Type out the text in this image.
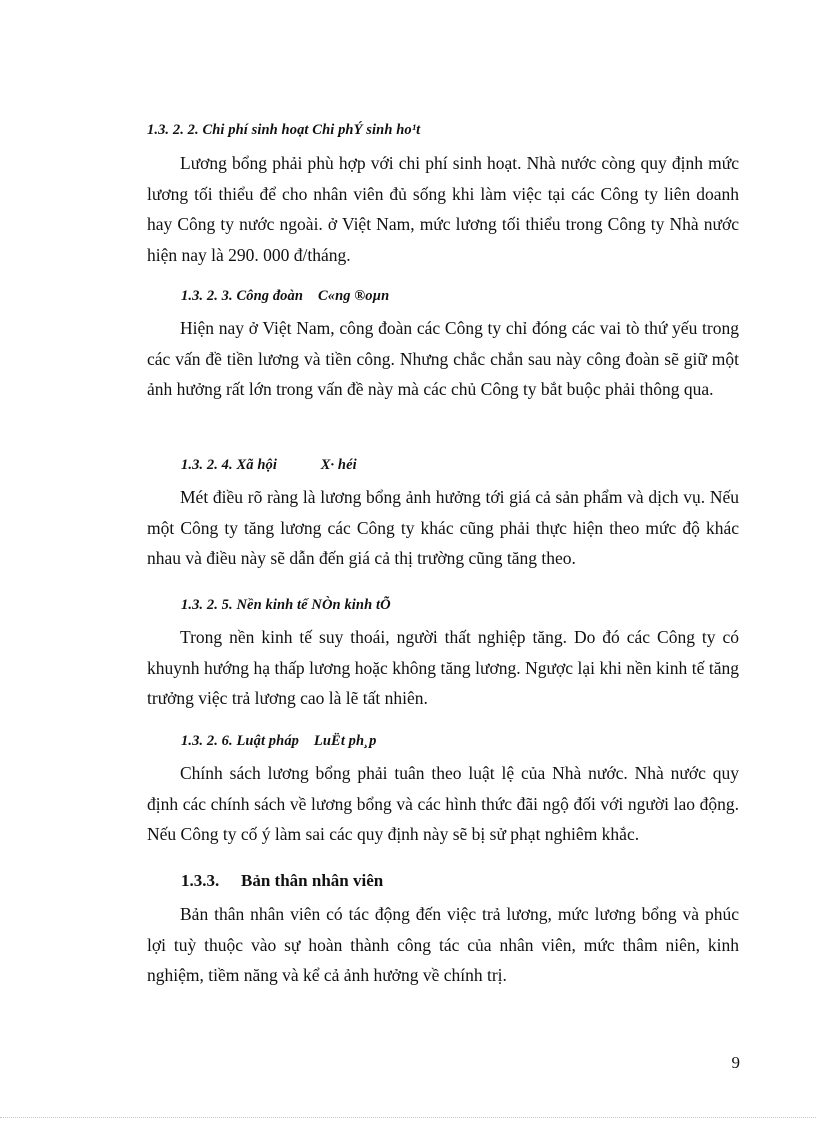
1.3. 2. 2. Chi phí sinh hoạt Chi phÝ sinh ho¹t

Lương bổng phải phù hợp với chi phí sinh hoạt. Nhà nước còng quy định mức lương tối thiểu để cho nhân viên đủ sống khi làm việc tại các Công ty liên doanh hay Công ty nước ngoài. ở Việt Nam, mức lương tối thiểu trong Công ty Nhà nước hiện nay là 290. 000 đ/tháng.

1.3. 2. 3. Công đoàn C«ng ®oµn

Hiện nay ở Việt Nam, công đoàn các Công ty chỉ đóng các vai tò thứ yếu trong các vấn đề tiền lương và tiền công. Nhưng chắc chắn sau này công đoàn sẽ giữ một ảnh hưởng rất lớn trong vấn đề này mà các chủ Công ty bắt buộc phải thông qua.

1.3. 2. 4. Xã hội	X· héi

Mét điều rõ ràng là lương bổng ảnh hưởng tới giá cả sản phẩm và dịch vụ. Nếu một Công ty tăng lương các Công ty khác cũng phải thực hiện theo mức độ khác nhau và điều này sẽ dẫn đến giá cả thị trường cũng tăng theo.

1.3. 2. 5. Nền kinh tế NÒn kinh tÕ

Trong nền kinh tế suy thoái, người thất nghiệp tăng. Do đó các Công ty có khuynh hướng hạ thấp lương hoặc không tăng lương. Ngược lại khi nền kinh tế tăng trưởng việc trả lương cao là lẽ tất nhiên.

1.3. 2. 6. Luật pháp LuËt ph¸p

Chính sách lương bổng phải tuân theo luật lệ của Nhà nước. Nhà nước quy định các chính sách về lương bổng và các hình thức đãi ngộ đối với người lao động. Nếu Công ty cố ý làm sai các quy định này sẽ bị sử phạt nghiêm khắc.

1.3.3. Bản thân nhân viên

Bản thân nhân viên có tác động đến việc trả lương, mức lương bổng và phúc lợi tuỳ thuộc vào sự hoàn thành công tác của nhân viên, mức thâm niên, kinh nghiệm, tiềm năng và kể cả ảnh hưởng về chính trị.

9
